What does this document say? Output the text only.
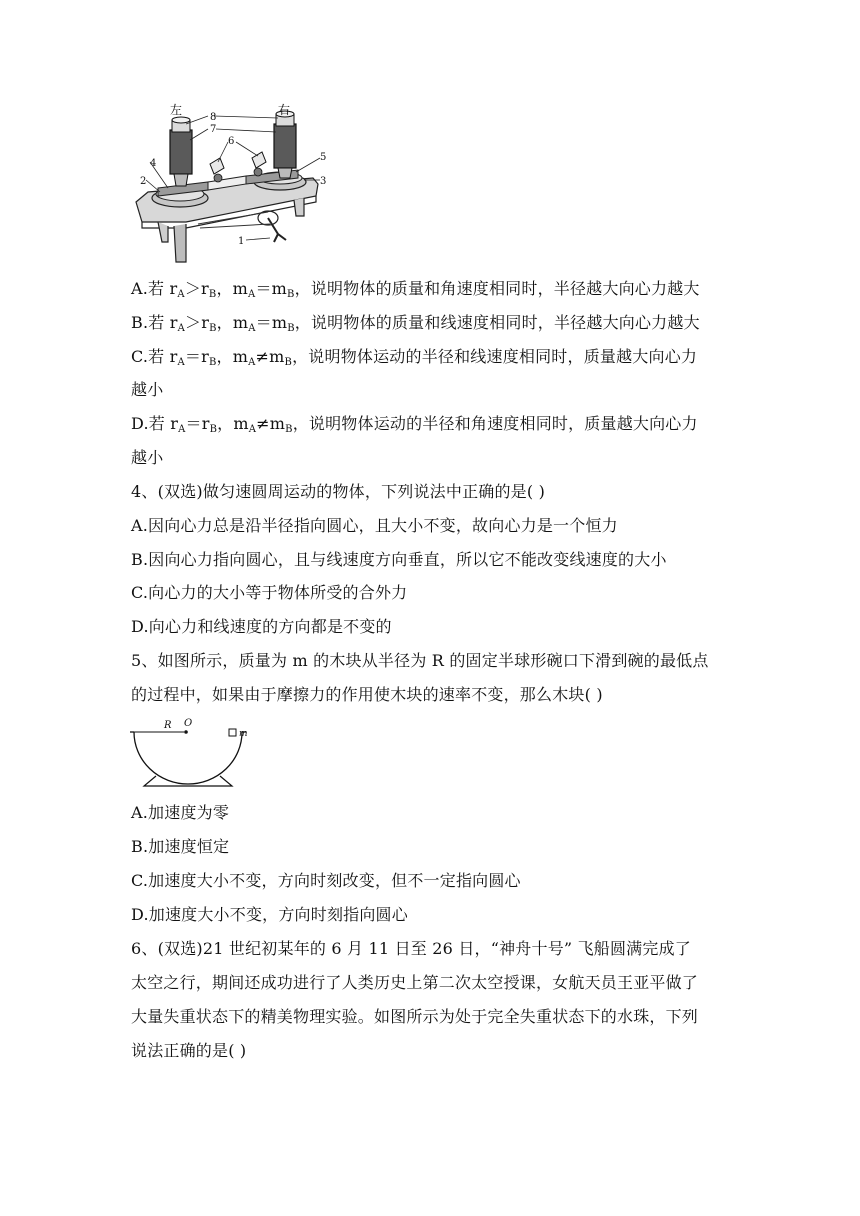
左	右
8
7
6
4
2
5
3
1
A.若 $r_A>r_B$，$m_A=m_B$，说明物体的质量和角速度相同时，半径越大向心力越大
B.若 $r_A>r_B$，$m_A=m_B$，说明物体的质量和线速度相同时，半径越大向心力越大
C.若 $r_A=r_B$，$m_A\ne m_B$，说明物体运动的半径和线速度相同时，质量越大向心力
越小
D.若 $r_A=r_B$，$m_A\ne m_B$，说明物体运动的半径和角速度相同时，质量越大向心力
越小
4、(双选)做匀速圆周运动的物体，下列说法中正确的是( )
A.因向心力总是沿半径指向圆心，且大小不变，故向心力是一个恒力
B.因向心力指向圆心，且与线速度方向垂直，所以它不能改变线速度的大小
C.向心力的大小等于物体所受的合外力
D.向心力和线速度的方向都是不变的
5、如图所示，质量为 m 的木块从半径为 R 的固定半球形碗口下滑到碗的最低点
的过程中，如果由于摩擦力的作用使木块的速率不变，那么木块( )
R O
m
A.加速度为零
B.加速度恒定
C.加速度大小不变，方向时刻改变，但不一定指向圆心
D.加速度大小不变，方向时刻指向圆心
6、(双选)21 世纪初某年的 6 月 11 日至 26 日，“神舟十号” 飞船圆满完成了
太空之行，期间还成功进行了人类历史上第二次太空授课，女航天员王亚平做了
大量失重状态下的精美物理实验。如图所示为处于完全失重状态下的水珠，下列
说法正确的是( )
